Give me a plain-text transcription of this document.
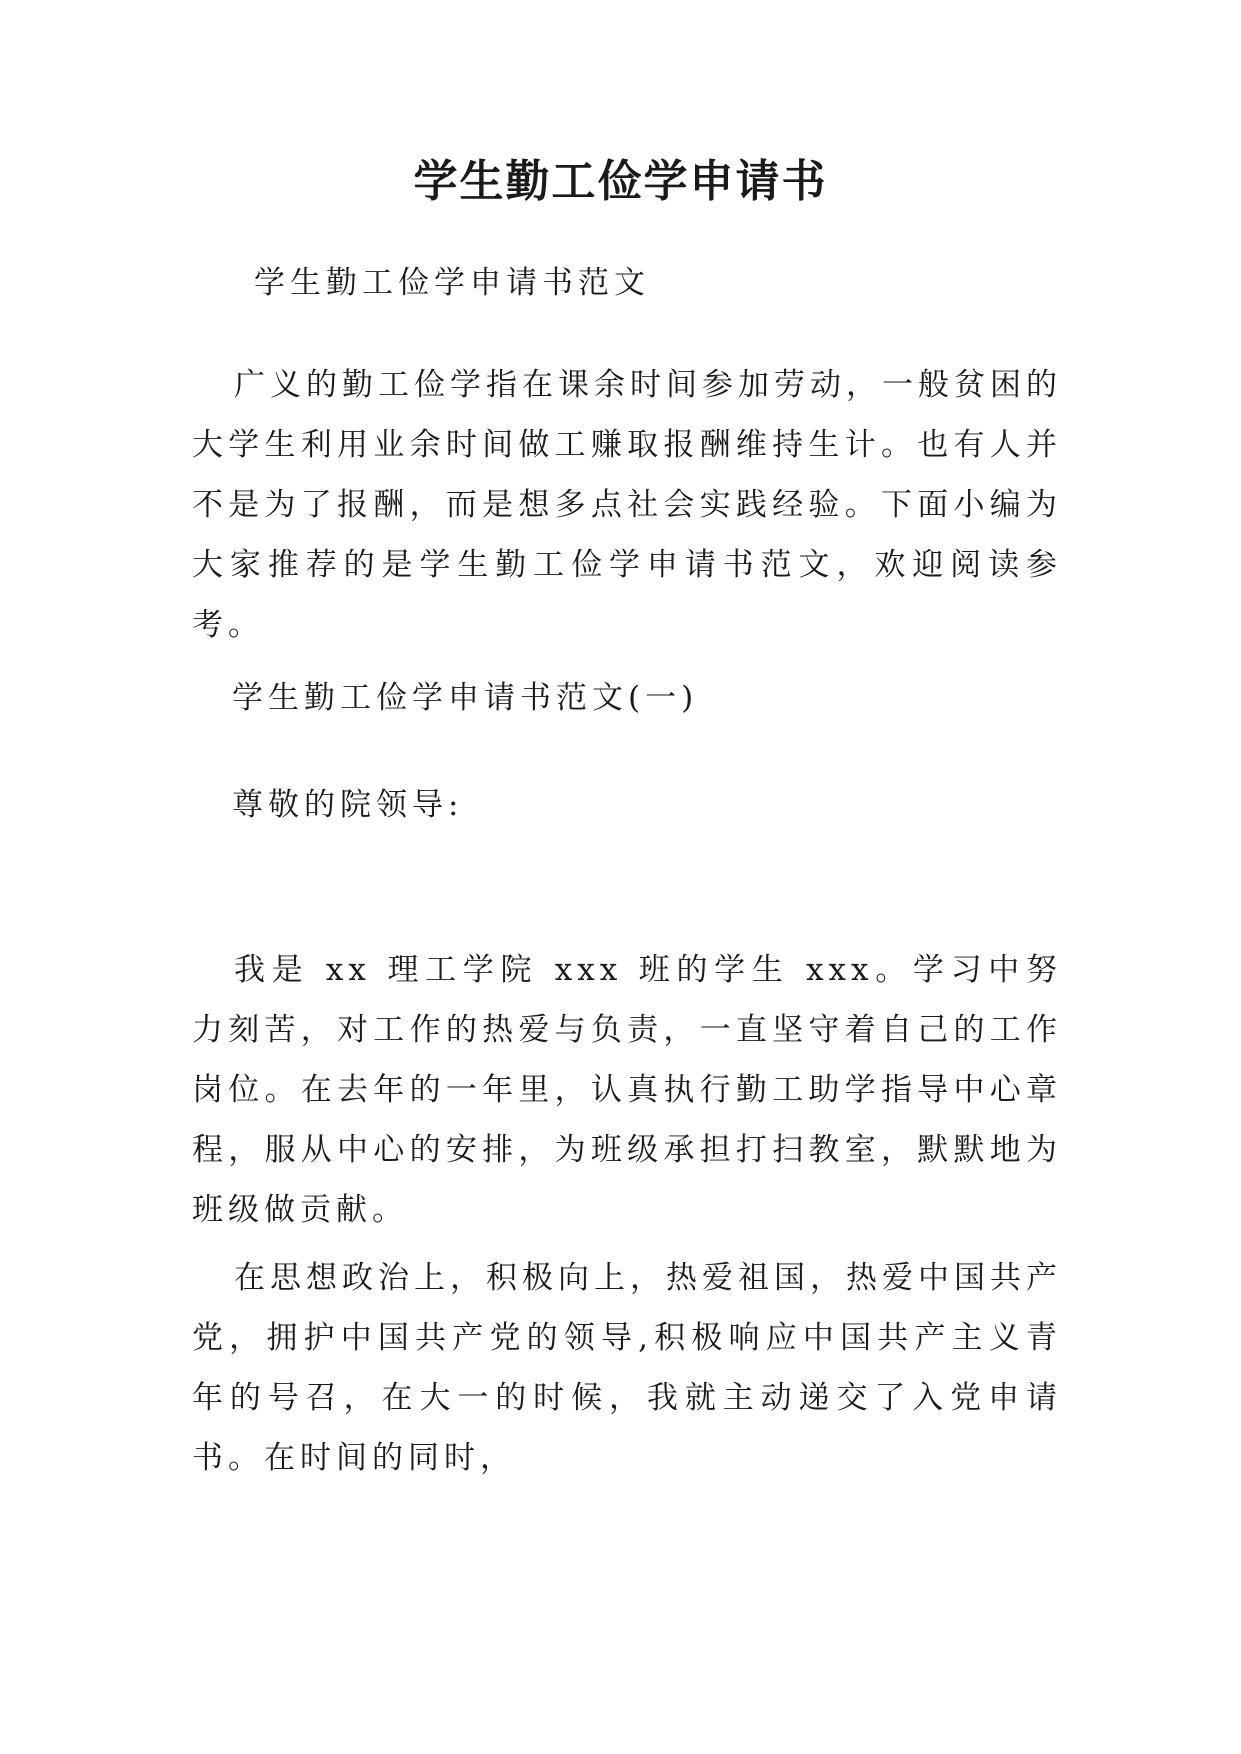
学生勤工俭学申请书
学生勤工俭学申请书范文
广义的勤工俭学指在课余时间参加劳动，一般贫困的大学生利用业余时间做工赚取报酬维持生计。也有人并不是为了报酬，而是想多点社会实践经验。下面小编为大家推荐的是学生勤工俭学申请书范文，欢迎阅读参考。
学生勤工俭学申请书范文(一)
尊敬的院领导:
我是 xx 理工学院 xxx 班的学生 xxx。学习中努力刻苦，对工作的热爱与负责，一直坚守着自己的工作岗位。在去年的一年里，认真执行勤工助学指导中心章程，服从中心的安排，为班级承担打扫教室，默默地为班级做贡献。
在思想政治上，积极向上，热爱祖国，热爱中国共产党，拥护中国共产党的领导,积极响应中国共产主义青年的号召，在大一的时候，我就主动递交了入党申请书。在时间的同时，
